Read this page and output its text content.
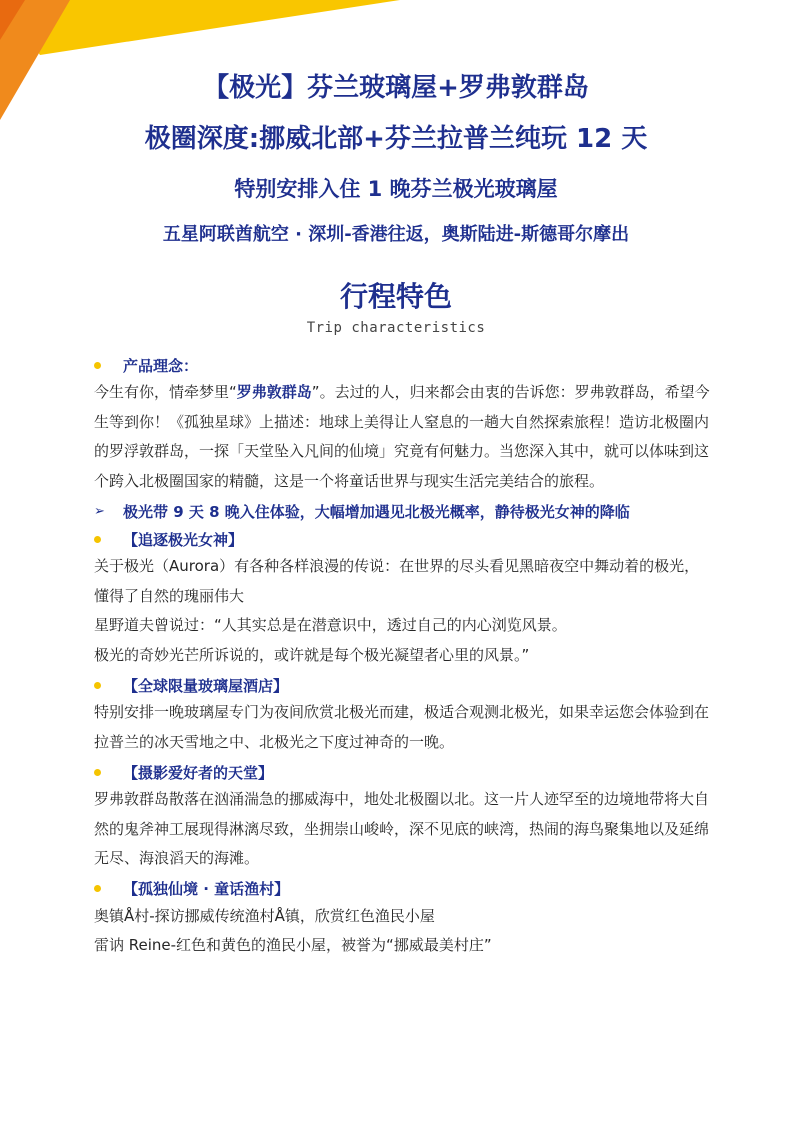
【极光】芬兰玻璃屋+罗弗敦群岛
极圈深度:挪威北部+芬兰拉普兰纯玩 12 天
特别安排入住 1 晚芬兰极光玻璃屋
五星阿联酋航空 · 深圳-香港往返，奥斯陆进-斯德哥尔摩出
行程特色
Trip characteristics
产品理念：

今生有你，情牵梦里“罗弗敦群岛”。去过的人，归来都会由衷的告诉您：罗弗敦群岛，希望今生等到你！《孤独星球》上描述：地球上美得让人窒息的一趟大自然探索旅程！造访北极圈内的罗浮敦群岛，一探「天堂坠入凡间的仙境」究竟有何魅力。当您深入其中，就可以体味到这个跨入北极圈国家的精髓，这是一个将童话世界与现实生活完美结合的旅程。

➢ 极光带 9 天 8 晚入住体验，大幅增加遇见北极光概率，静待极光女神的降临
【追逐极光女神】

关于极光（Aurora）有各种各样浪漫的传说：在世界的尽头看见黑暗夜空中舞动着的极光，懂得了自然的瑰丽伟大

星野道夫曾说过：“人其实总是在潜意识中，透过自己的内心浏览风景。

极光的奇妙光芒所诉说的，或许就是每个极光凝望者心里的风景。”

【全球限量玻璃屋酒店】

特别安排一晚玻璃屋专门为夜间欣赏北极光而建，极适合观测北极光，如果幸运您会体验到在拉普兰的冰天雪地之中、北极光之下度过神奇的一晚。

【摄影爱好者的天堂】

罗弗敦群岛散落在汹涌湍急的挪威海中，地处北极圈以北。这一片人迹罕至的边境地带将大自然的鬼斧神工展现得淋漓尽致，坐拥崇山峻岭，深不见底的峡湾，热闹的海鸟聚集地以及延绵无尽、海浪滔天的海滩。

【孤独仙境 · 童话渔村】

奥镇Å村-探访挪威传统渔村Å镇，欣赏红色渔民小屋

雷讷 Reine-红色和黄色的渔民小屋，被誉为“挪威最美村庄”
